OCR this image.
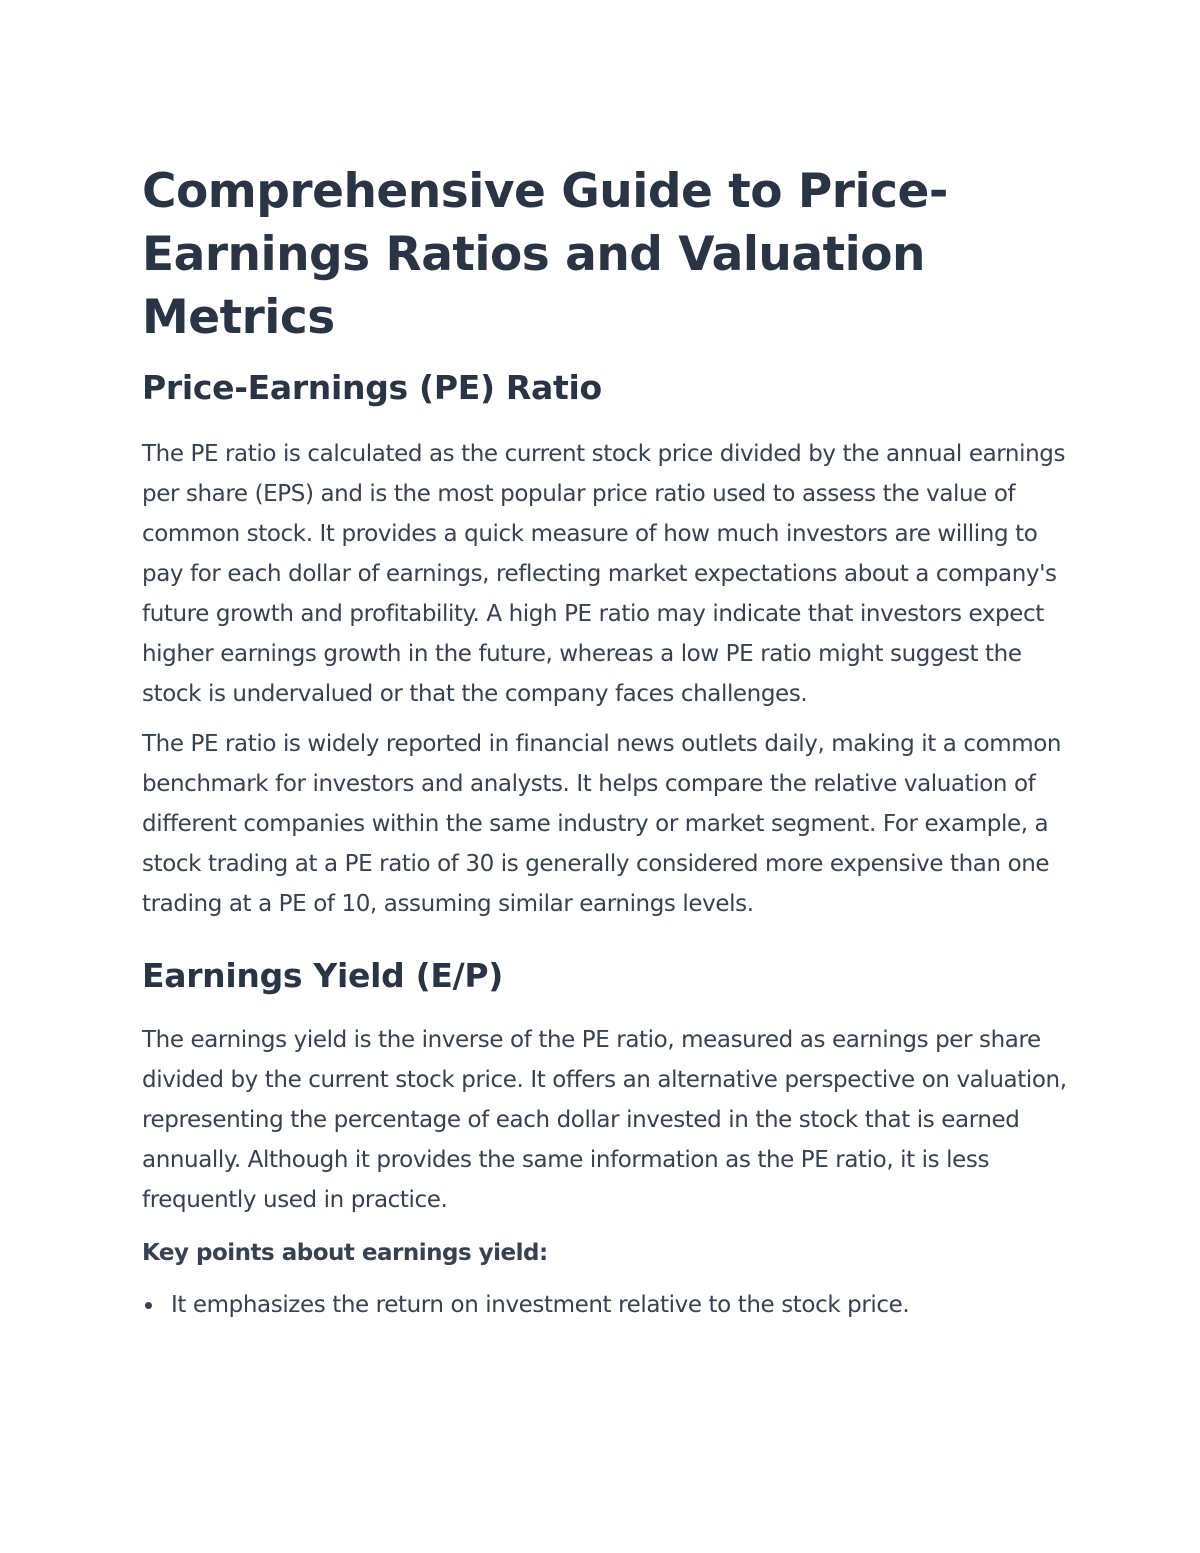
Comprehensive Guide to Price-Earnings Ratios and Valuation Metrics
Price-Earnings (PE) Ratio

The PE ratio is calculated as the current stock price divided by the annual earnings per share (EPS) and is the most popular price ratio used to assess the value of common stock. It provides a quick measure of how much investors are willing to pay for each dollar of earnings, reflecting market expectations about a company's future growth and profitability. A high PE ratio may indicate that investors expect higher earnings growth in the future, whereas a low PE ratio might suggest the stock is undervalued or that the company faces challenges.

The PE ratio is widely reported in financial news outlets daily, making it a common benchmark for investors and analysts. It helps compare the relative valuation of different companies within the same industry or market segment. For example, a stock trading at a PE ratio of 30 is generally considered more expensive than one trading at a PE of 10, assuming similar earnings levels.

Earnings Yield (E/P)

The earnings yield is the inverse of the PE ratio, measured as earnings per share divided by the current stock price. It offers an alternative perspective on valuation, representing the percentage of each dollar invested in the stock that is earned annually. Although it provides the same information as the PE ratio, it is less frequently used in practice.

Key points about earnings yield:
It emphasizes the return on investment relative to the stock price.
